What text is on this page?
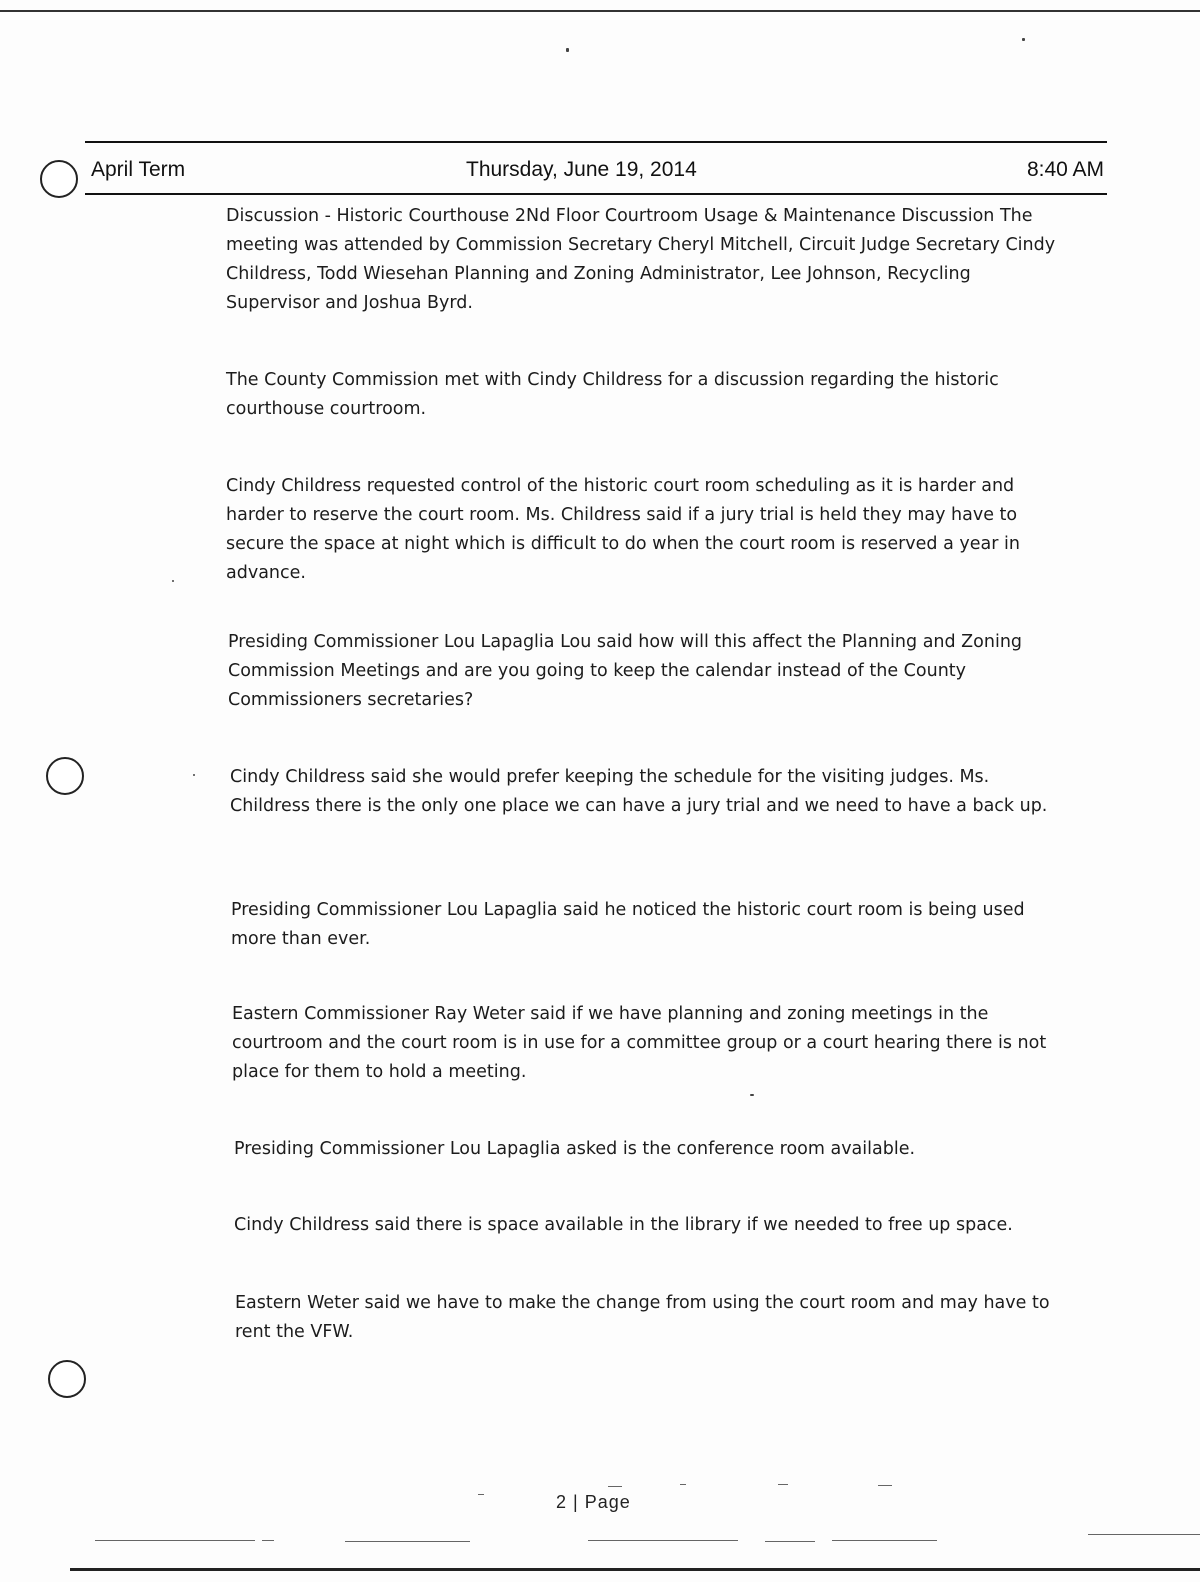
April Term	Thursday, June 19, 2014	8:40 AM

Discussion - Historic Courthouse 2Nd Floor Courtroom Usage & Maintenance Discussion The meeting was attended by Commission Secretary Cheryl Mitchell, Circuit Judge Secretary Cindy Childress, Todd Wiesehan Planning and Zoning Administrator, Lee Johnson, Recycling Supervisor and Joshua Byrd.

The County Commission met with Cindy Childress for a discussion regarding the historic courthouse courtroom.

Cindy Childress requested control of the historic court room scheduling as it is harder and harder to reserve the court room. Ms. Childress said if a jury trial is held they may have to secure the space at night which is difficult to do when the court room is reserved a year in advance.

Presiding Commissioner Lou Lapaglia Lou said how will this affect the Planning and Zoning Commission Meetings and are you going to keep the calendar instead of the County Commissioners secretaries?

Cindy Childress said she would prefer keeping the schedule for the visiting judges. Ms. Childress there is the only one place we can have a jury trial and we need to have a back up.

Presiding Commissioner Lou Lapaglia said he noticed the historic court room is being used more than ever.

Eastern Commissioner Ray Weter said if we have planning and zoning meetings in the courtroom and the court room is in use for a committee group or a court hearing there is not place for them to hold a meeting.

Presiding Commissioner Lou Lapaglia asked is the conference room available.

Cindy Childress said there is space available in the library if we needed to free up space.

Eastern Weter said we have to make the change from using the court room and may have to rent the VFW.

2 | Page
